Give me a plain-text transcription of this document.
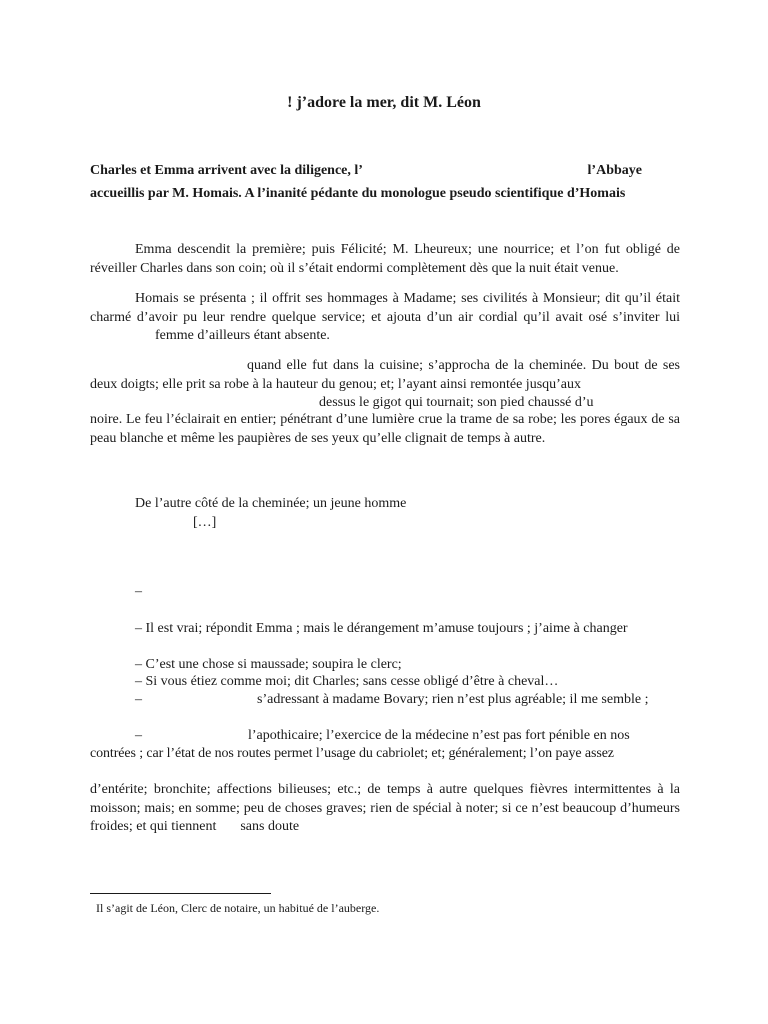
! j’adore la mer, dit M. Léon
Charles et Emma arrivent avec la diligence, l’	l’Abbaye
accueillis par M. Homais. A l’inanité pédante du monologue pseudo scientifique d’Homais
Emma descendit la première; puis Félicité; M. Lheureux; une nourrice; et l’on fut obligé de réveiller Charles dans son coin; où il s’était endormi complètement dès que la nuit était venue.
Homais se présenta ; il offrit ses hommages à Madame; ses civilités à Monsieur; dit qu’il était charmé d’avoir pu leur rendre quelque service; et ajouta d’un air cordial qu’il avait osé s’inviter luifemme d’ailleurs étant absente.
quand elle fut dans la cuisine; s’approcha de la cheminée. Du bout de ses deux doigts; elle prit sa robe à la hauteur du genou; et; l’ayant ainsi remontée jusqu’aux
dessus le gigot qui tournait; son pied chaussé d’u
noire. Le feu l’éclairait en entier; pénétrant d’une lumière crue la trame de sa robe; les pores égaux de sa peau blanche et même les paupières de ses yeux qu’elle clignait de temps à autre.
De l’autre côté de la cheminée; un jeune homme
[…]
–
– Il est vrai; répondit Emma ; mais le dérangement m’amuse toujours ; j’aime à changer
– C’est une chose si maussade; soupira le clerc;
– Si vous étiez comme moi; dit Charles; sans cesse obligé d’être à cheval…
–	s’adressant à madame Bovary; rien n’est plus agréable; il me semble ;
–	l’apothicaire; l’exercice de la médecine n’est pas fort pénible en nos
contrées ; car l’état de nos routes permet l’usage du cabriolet; et; généralement; l’on paye assez
d’entérite; bronchite; affections bilieuses; etc.; de temps à autre quelques fièvres intermittentes à la moisson; mais; en somme; peu de choses graves; rien de spécial à noter; si ce n’est beaucoup d’humeurs froides; et qui tiennent sans doute
Il s’agit de Léon, Clerc de notaire, un habitué de l’auberge.
